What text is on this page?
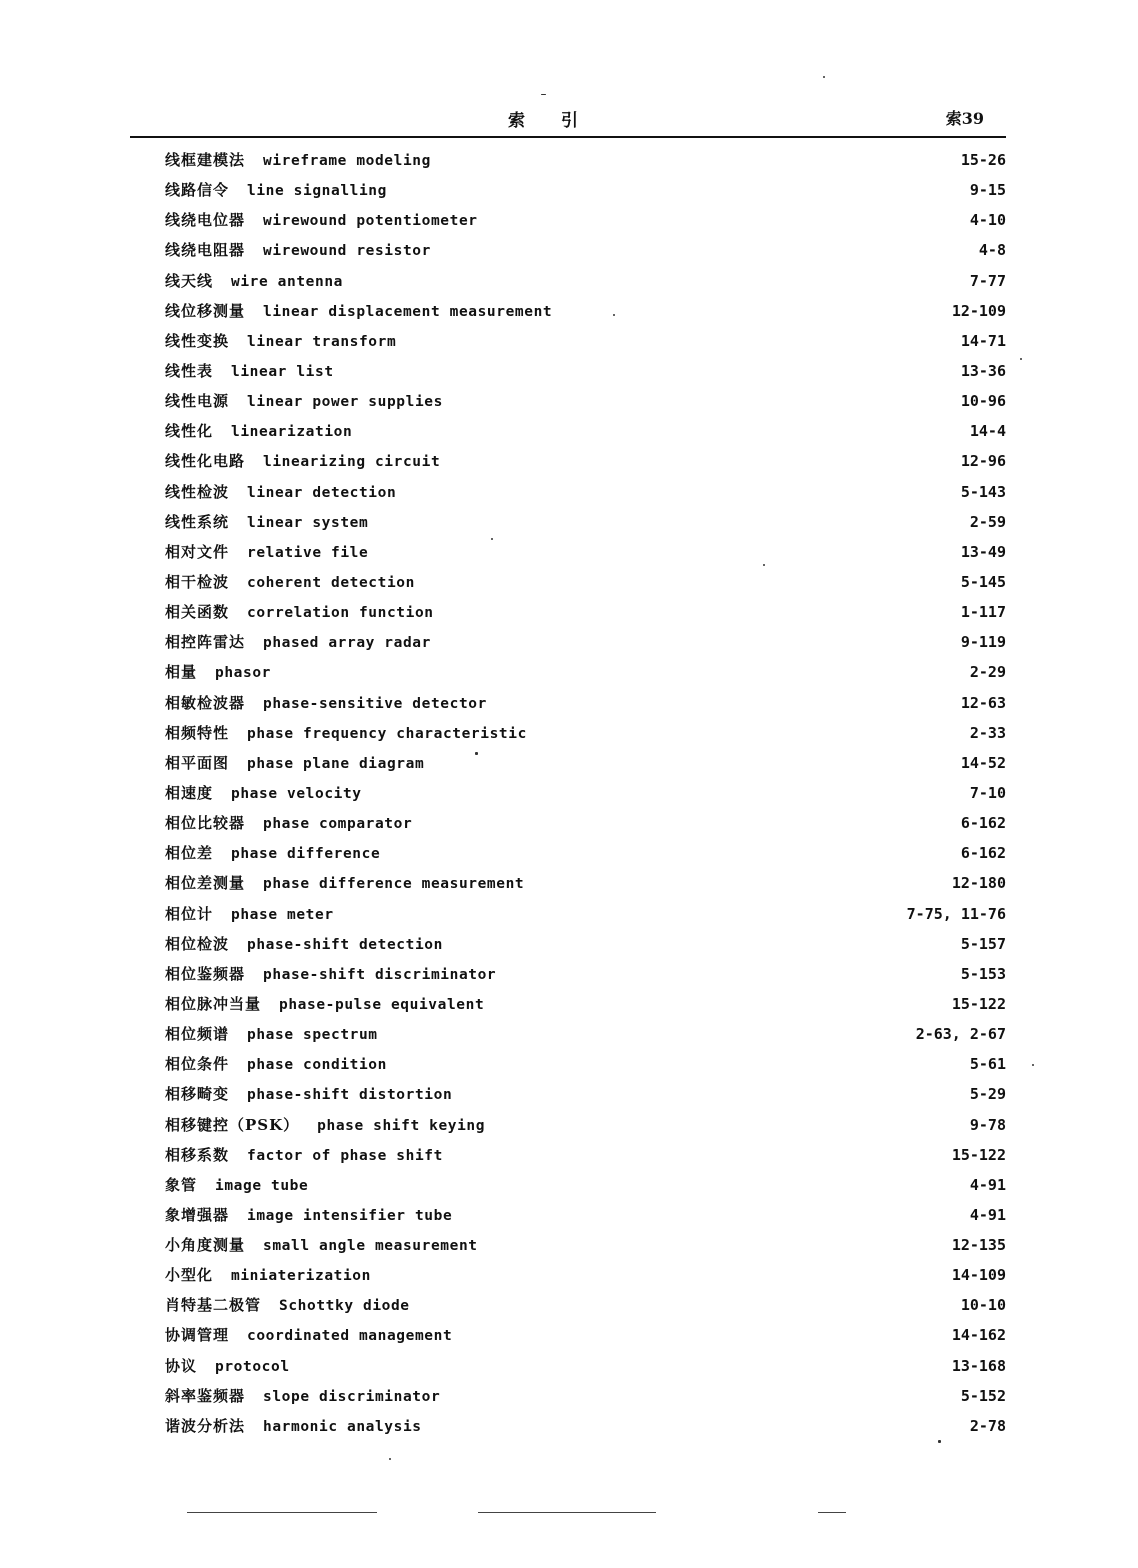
索 引	索39
线框建模法 wireframe modeling	15-26
线路信令 line signalling	9-15
线绕电位器 wirewound potentiometer	4-10
线绕电阻器 wirewound resistor	4-8
线天线 wire antenna	7-77
线位移测量 linear displacement measurement	12-109
线性变换 linear transform	14-71
线性表 linear list	13-36
线性电源 linear power supplies	10-96
线性化 linearization	14-4
线性化电路 linearizing circuit	12-96
线性检波 linear detection	5-143
线性系统 linear system	2-59
相对文件 relative file	13-49
相干检波 coherent detection	5-145
相关函数 correlation function	1-117
相控阵雷达 phased array radar	9-119
相量 phasor	2-29
相敏检波器 phase-sensitive detector	12-63
相频特性 phase frequency characteristic	2-33
相平面图 phase plane diagram	14-52
相速度 phase velocity	7-10
相位比较器 phase comparator	6-162
相位差 phase difference	6-162
相位差测量 phase difference measurement	12-180
相位计 phase meter	7-75, 11-76
相位检波 phase-shift detection	5-157
相位鉴频器 phase-shift discriminator	5-153
相位脉冲当量 phase-pulse equivalent	15-122
相位频谱 phase spectrum	2-63, 2-67
相位条件 phase condition	5-61
相移畸变 phase-shift distortion	5-29
相移键控（PSK） phase shift keying	9-78
相移系数 factor of phase shift	15-122
象管 image tube	4-91
象增强器 image intensifier tube	4-91
小角度测量 small angle measurement	12-135
小型化 miniaterization	14-109
肖特基二极管 Schottky diode	10-10
协调管理 coordinated management	14-162
协议 protocol	13-168
斜率鉴频器 slope discriminator	5-152
谐波分析法 harmonic analysis	2-78
